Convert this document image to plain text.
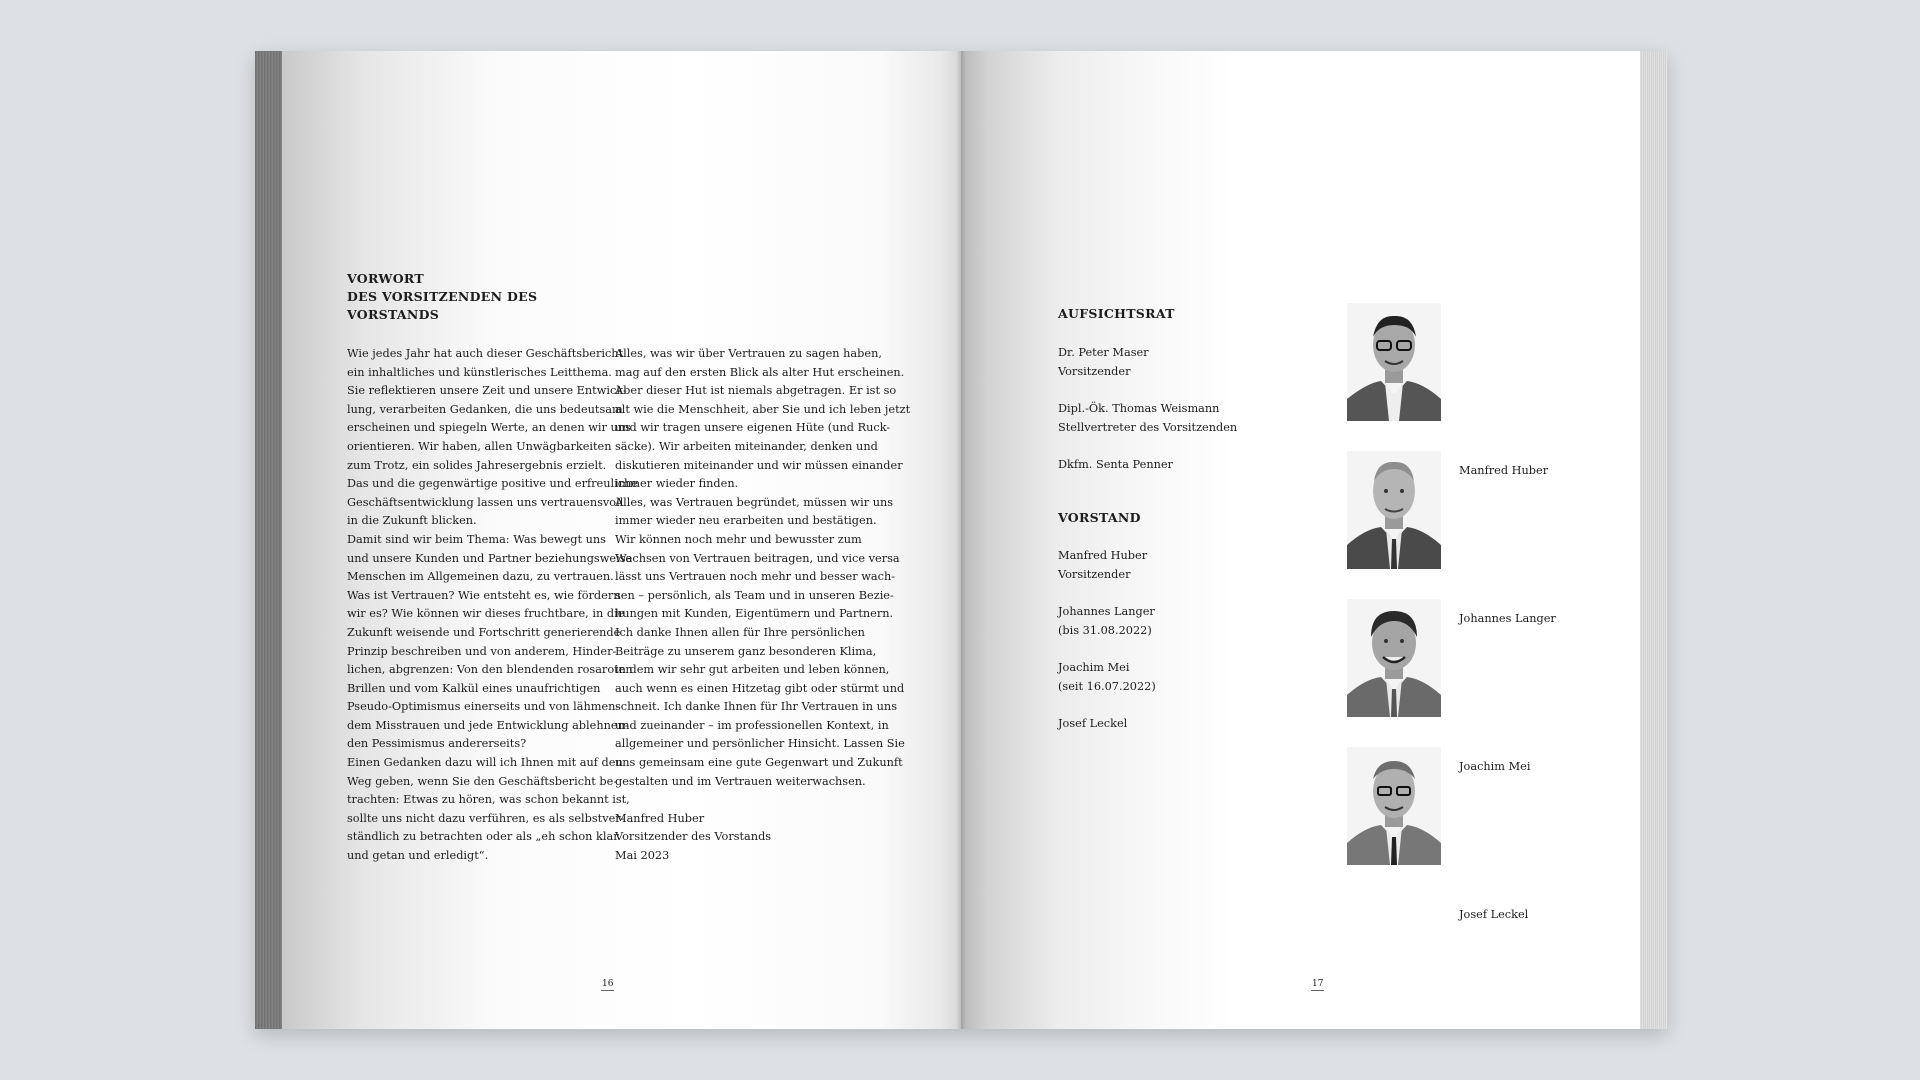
VORWORT
DES VORSITZENDEN DES
VORSTANDS

Wie jedes Jahr hat auch dieser Geschäftsbericht
ein inhaltliches und künstlerisches Leitthema.
Sie reflektieren unsere Zeit und unsere Entwick-
lung, verarbeiten Gedanken, die uns bedeutsam
erscheinen und spiegeln Werte, an denen wir uns
orientieren. Wir haben, allen Unwägbarkeiten
zum Trotz, ein solides Jahresergebnis erzielt.
Das und die gegenwärtige positive und erfreuliche
Geschäftsentwicklung lassen uns vertrauensvoll
in die Zukunft blicken.
Damit sind wir beim Thema: Was bewegt uns
und unsere Kunden und Partner beziehungsweise
Menschen im Allgemeinen dazu, zu vertrauen.
Was ist Vertrauen? Wie entsteht es, wie fördern
wir es? Wie können wir dieses fruchtbare, in die
Zukunft weisende und Fortschritt generierende
Prinzip beschreiben und von anderem, Hinder-
lichen, abgrenzen: Von den blendenden rosaroten
Brillen und vom Kalkül eines unaufrichtigen
Pseudo-Optimismus einerseits und von lähmen-
dem Misstrauen und jede Entwicklung ablehnen-
den Pessimismus andererseits?
Einen Gedanken dazu will ich Ihnen mit auf den
Weg geben, wenn Sie den Geschäftsbericht be-
trachten: Etwas zu hören, was schon bekannt ist,
sollte uns nicht dazu verführen, es als selbstver-
ständlich zu betrachten oder als „eh schon klar
und getan und erledigt“.

Alles, was wir über Vertrauen zu sagen haben,
mag auf den ersten Blick als alter Hut erscheinen.
Aber dieser Hut ist niemals abgetragen. Er ist so
alt wie die Menschheit, aber Sie und ich leben jetzt
und wir tragen unsere eigenen Hüte (und Ruck-
säcke). Wir arbeiten miteinander, denken und
diskutieren miteinander und wir müssen einander
immer wieder finden.
Alles, was Vertrauen begründet, müssen wir uns
immer wieder neu erarbeiten und bestätigen.
Wir können noch mehr und bewusster zum
Wachsen von Vertrauen beitragen, und vice versa
lässt uns Vertrauen noch mehr und besser wach-
sen – persönlich, als Team und in unseren Bezie-
hungen mit Kunden, Eigentümern und Partnern.
Ich danke Ihnen allen für Ihre persönlichen
Beiträge zu unserem ganz besonderen Klima,
in dem wir sehr gut arbeiten und leben können,
auch wenn es einen Hitzetag gibt oder stürmt und
schneit. Ich danke Ihnen für Ihr Vertrauen in uns
und zueinander – im professionellen Kontext, in
allgemeiner und persönlicher Hinsicht. Lassen Sie
uns gemeinsam eine gute Gegenwart und Zukunft
gestalten und im Vertrauen weiterwachsen.

Manfred Huber
Vorsitzender des Vorstands
Mai 2023

16

AUFSICHTSRAT

Dr. Peter Maser
Vorsitzender
Dipl.-Ök. Thomas Weismann
Stellvertreter des Vorsitzenden
Dkfm. Senta Penner

VORSTAND

Manfred Huber
Vorsitzender
Johannes Langer
(bis 31.08.2022)
Joachim Mei
(seit 16.07.2022)
Josef Leckel

Manfred Huber

Johannes Langer

Joachim Mei

Josef Leckel

17
